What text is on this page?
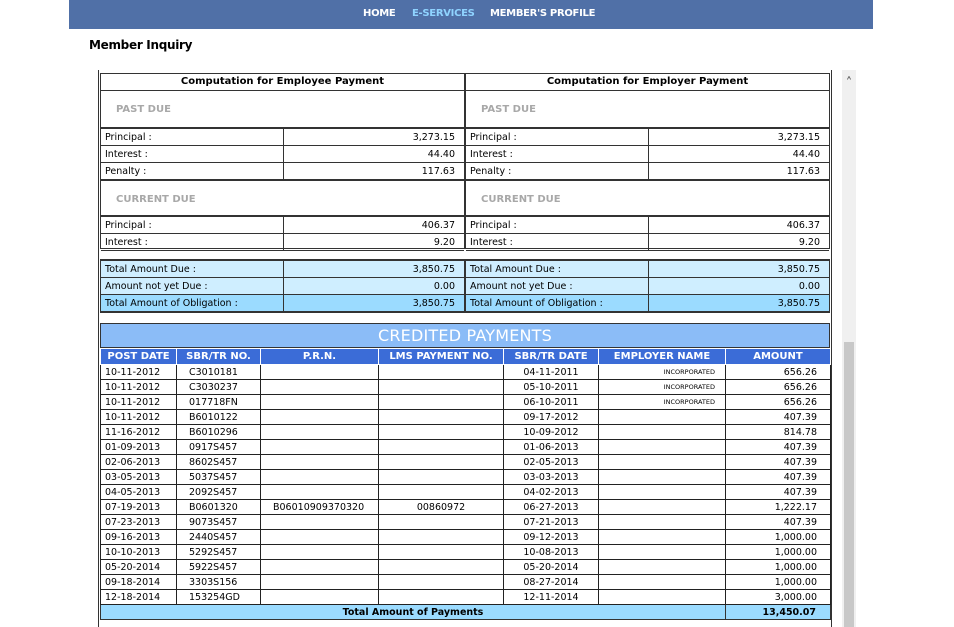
HOME E-SERVICES MEMBER'S PROFILE
Member Inquiry
Computation for Employee Payment
PAST DUE
Principal :	3,273.15
Interest :	44.40
Penalty :	117.63
CURRENT DUE
Principal :	406.37
Interest :	9.20
Computation for Employer Payment
PAST DUE
Principal :	3,273.15
Interest :	44.40
Penalty :	117.63
CURRENT DUE
Principal :	406.37
Interest :	9.20
Total Amount Due :	3,850.75
Amount not yet Due :	0.00
Total Amount of Obligation :	3,850.75
Total Amount Due :	3,850.75
Amount not yet Due :	0.00
Total Amount of Obligation :	3,850.75
CREDITED PAYMENTS
POST DATE	SBR/TR NO.	P.R.N.	LMS PAYMENT NO.	SBR/TR DATE	EMPLOYER NAME	AMOUNT
10-11-2012	C3010181			04-11-2011	INCORPORATED	656.26
10-11-2012	C3030237			05-10-2011	INCORPORATED	656.26
10-11-2012	017718FN			06-10-2011	INCORPORATED	656.26
10-11-2012	B6010122			09-17-2012		407.39
11-16-2012	B6010296			10-09-2012		814.78
01-09-2013	0917S457			01-06-2013		407.39
02-06-2013	8602S457			02-05-2013		407.39
03-05-2013	5037S457			03-03-2013		407.39
04-05-2013	2092S457			04-02-2013		407.39
07-19-2013	B0601320	B06010909370320	00860972	06-27-2013		1,222.17
07-23-2013	9073S457			07-21-2013		407.39
09-16-2013	2440S457			09-12-2013		1,000.00
10-10-2013	5292S457			10-08-2013		1,000.00
05-20-2014	5922S457			05-20-2014		1,000.00
09-18-2014	3303S156			08-27-2014		1,000.00
12-18-2014	153254GD			12-11-2014		3,000.00
Total Amount of Payments						13,450.07
˄
